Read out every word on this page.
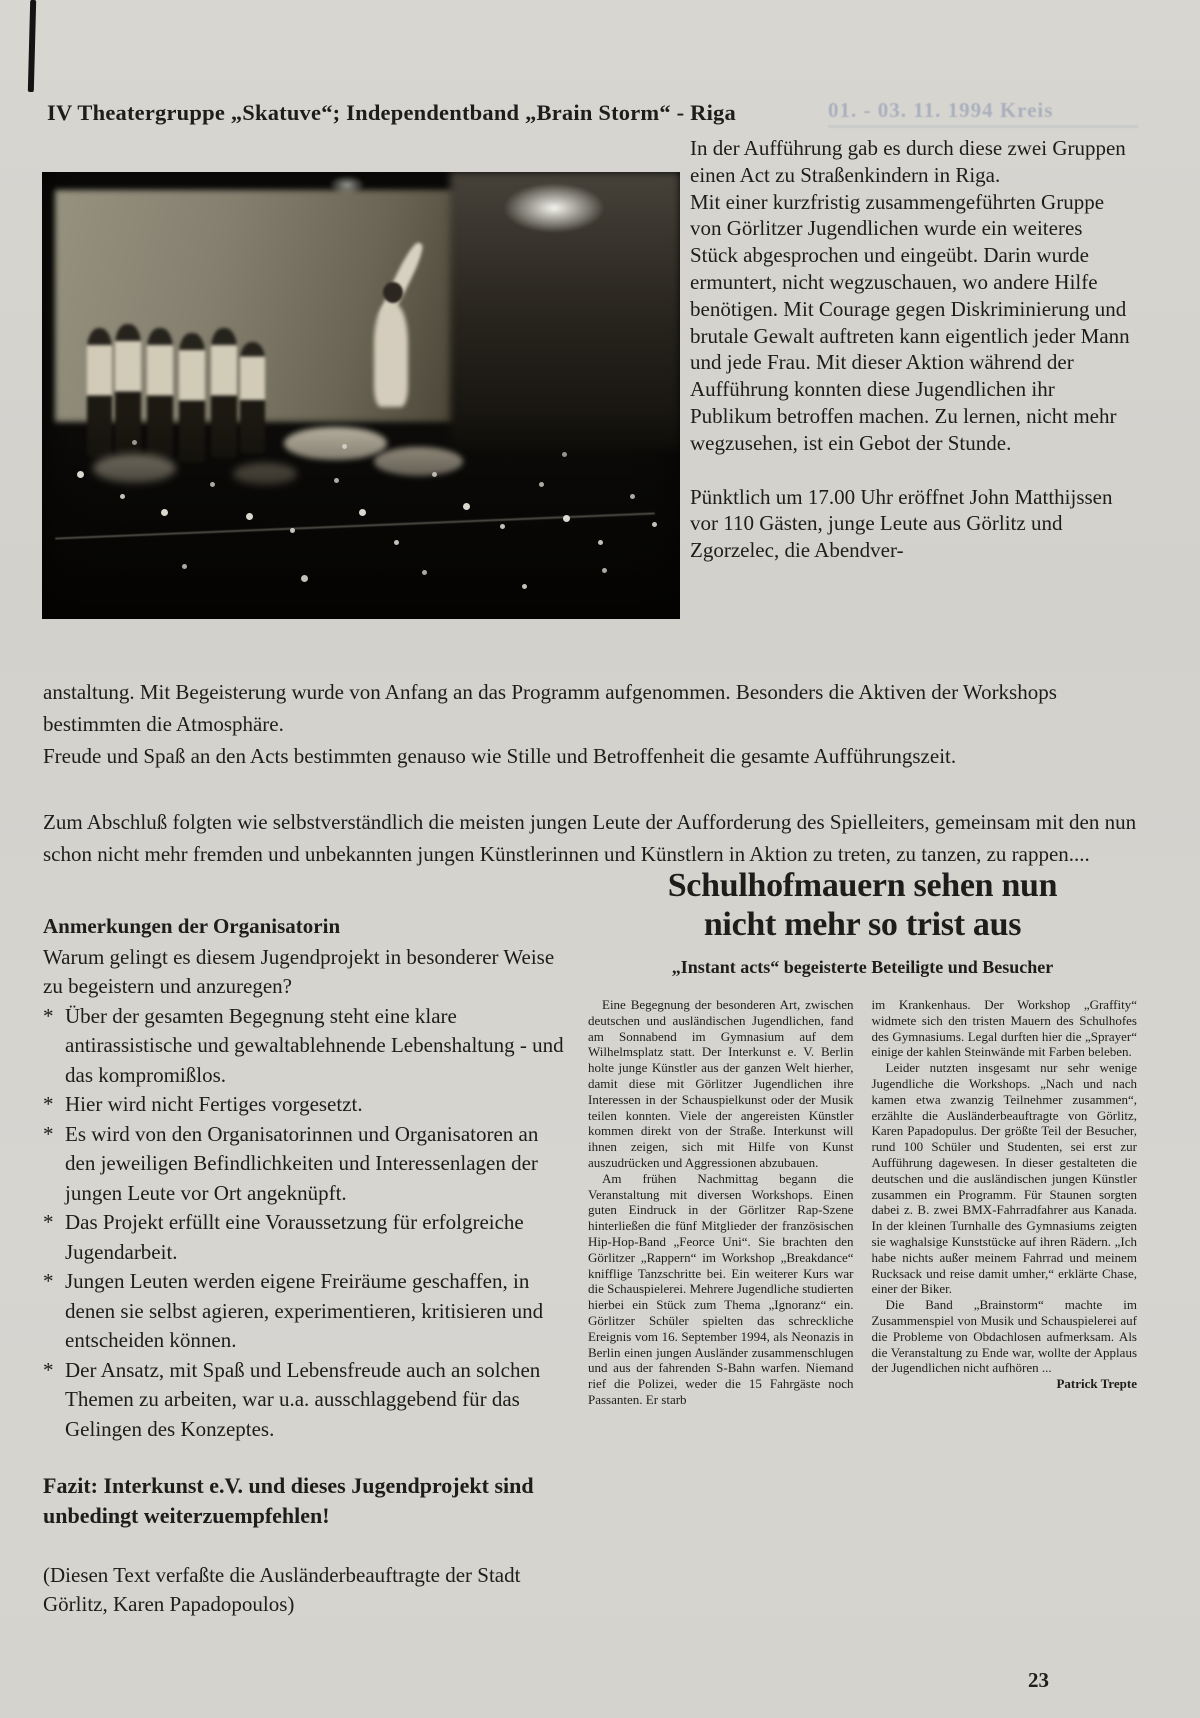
01. - 03. 11. 1994 Kreis
IV Theatergruppe „Skatuve“; Independentband „Brain Storm“ - Riga

In der Aufführung gab es durch diese zwei Gruppen einen Act zu Straßenkindern in Riga.

Mit einer kurzfristig zusammengeführten Gruppe von Görlitzer Jugendlichen wurde ein weiteres Stück abgesprochen und eingeübt. Darin wurde ermuntert, nicht wegzuschauen, wo andere Hilfe benötigen. Mit Courage gegen Diskriminierung und brutale Gewalt auftreten kann eigentlich jeder Mann und jede Frau. Mit dieser Aktion während der Aufführung konnten diese Jugendlichen ihr Publikum betroffen machen. Zu lernen, nicht mehr wegzusehen, ist ein Gebot der Stunde.

Pünktlich um 17.00 Uhr eröffnet John Matthijssen vor 110 Gästen, junge Leute aus Görlitz und Zgorzelec, die Abendver-

anstaltung. Mit Begeisterung wurde von Anfang an das Programm aufgenommen. Besonders die Aktiven der Workshops bestimmten die Atmosphäre.

Freude und Spaß an den Acts bestimmten genauso wie Stille und Betroffenheit die gesamte Aufführungszeit.

Zum Abschluß folgten wie selbstverständlich die meisten jungen Leute der Aufforderung des Spielleiters, gemeinsam mit den nun schon nicht mehr fremden und unbekannten jungen Künstlerinnen und Künstlern in Aktion zu treten, zu tanzen, zu rappen....

Anmerkungen der Organisatorin

Warum gelingt es diesem Jugendprojekt in besonderer Weise zu begeistern und anzuregen?

* Über der gesamten Begegnung steht eine klare antirassistische und gewaltablehnende Lebenshaltung - und das kompromißlos.
* Hier wird nicht Fertiges vorgesetzt.
* Es wird von den Organisatorinnen und Organisatoren an den jeweiligen Befindlichkeiten und Interessenlagen der jungen Leute vor Ort angeknüpft.
* Das Projekt erfüllt eine Voraussetzung für erfolgreiche Jugendarbeit.
* Jungen Leuten werden eigene Freiräume geschaffen, in denen sie selbst agieren, experimentieren, kritisieren und entscheiden können.
* Der Ansatz, mit Spaß und Lebensfreude auch an solchen Themen zu arbeiten, war u.a. ausschlaggebend für das Gelingen des Konzeptes.
Fazit: Interkunst e.V. und dieses Jugendprojekt sind unbedingt weiterzuempfehlen!
(Diesen Text verfaßte die Ausländerbeauftragte der Stadt Görlitz, Karen Papadopoulos)

Schulhofmauern sehen nun

nicht mehr so trist aus

„Instant acts“ begeisterte Beteiligte und Besucher

Eine Begegnung der besonderen Art, zwischen deutschen und ausländischen Jugendlichen, fand am Sonnabend im Gymnasium auf dem Wilhelmsplatz statt. Der Interkunst e. V. Berlin holte junge Künstler aus der ganzen Welt hierher, damit diese mit Görlitzer Jugendlichen ihre Interessen in der Schauspielkunst oder der Musik teilen konnten. Viele der angereisten Künstler kommen direkt von der Straße. Interkunst will ihnen zeigen, sich mit Hilfe von Kunst auszudrücken und Aggressionen abzubauen.

Am frühen Nachmittag begann die Veranstaltung mit diversen Workshops. Einen guten Eindruck in der Görlitzer Rap-Szene hinterließen die fünf Mitglieder der französischen Hip-Hop-Band „Feorce Uni“. Sie brachten den Görlitzer „Rappern“ im Workshop „Breakdance“ knifflige Tanzschritte bei. Ein weiterer Kurs war die Schauspielerei. Mehrere Jugendliche studierten hierbei ein Stück zum Thema „Ignoranz“ ein. Görlitzer Schüler spielten das schreckliche Ereignis vom 16. September 1994, als Neonazis in Berlin einen jungen Ausländer zusammenschlugen und aus der fahrenden S-Bahn warfen. Niemand rief die Polizei, weder die 15 Fahrgäste noch Passanten. Er starb

im Krankenhaus. Der Workshop „Graffity“ widmete sich den tristen Mauern des Schulhofes des Gymnasiums. Legal durften hier die „Sprayer“ einige der kahlen Steinwände mit Farben beleben.

Leider nutzten insgesamt nur sehr wenige Jugendliche die Workshops. „Nach und nach kamen etwa zwanzig Teilnehmer zusammen“, erzählte die Ausländerbeauftragte von Görlitz, Karen Papadopulus. Der größte Teil der Besucher, rund 100 Schüler und Studenten, sei erst zur Aufführung dagewesen. In dieser gestalteten die deutschen und die ausländischen jungen Künstler zusammen ein Programm. Für Staunen sorgten dabei z. B. zwei BMX-Fahrradfahrer aus Kanada. In der kleinen Turnhalle des Gymnasiums zeigten sie waghalsige Kunststücke auf ihren Rädern. „Ich habe nichts außer meinem Fahrrad und meinem Rucksack und reise damit umher,“ erklärte Chase, einer der Biker.

Die Band „Brainstorm“ machte im Zusammenspiel von Musik und Schauspielerei auf die Probleme von Obdachlosen aufmerksam. Als die Veranstaltung zu Ende war, wollte der Applaus der Jugendlichen nicht aufhören ...

Patrick Trepte

23
